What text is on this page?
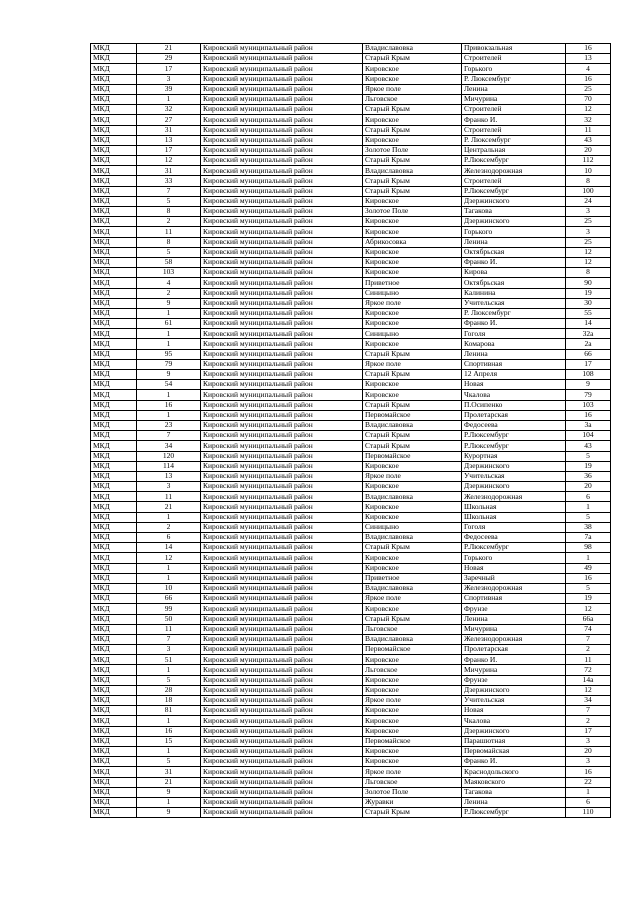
МКД	21	Кировский муниципальный район	Владиславовка	Привокзальная	16
МКД	29	Кировский муниципальный район	Старый Крым	Строителей	13
МКД	17	Кировский муниципальный район	Кировское	Горького	4
МКД	3	Кировский муниципальный район	Кировское	Р. Люксембург	16
МКД	39	Кировский муниципальный район	Яркое поле	Ленина	25
МКД	1	Кировский муниципальный район	Льговское	Мичурина	70
МКД	32	Кировский муниципальный район	Старый Крым	Строителей	12
МКД	27	Кировский муниципальный район	Кировское	Франко И.	32
МКД	31	Кировский муниципальный район	Старый Крым	Строителей	11
МКД	13	Кировский муниципальный район	Кировское	Р. Люксембург	43
МКД	17	Кировский муниципальный район	Золотое Поле	Центральная	20
МКД	12	Кировский муниципальный район	Старый Крым	Р.Люксембург	112
МКД	31	Кировский муниципальный район	Владиславовка	Железнодорожная	10
МКД	33	Кировский муниципальный район	Старый Крым	Строителей	8
МКД	7	Кировский муниципальный район	Старый Крым	Р.Люксембург	100
МКД	5	Кировский муниципальный район	Кировское	Дзержинского	24
МКД	8	Кировский муниципальный район	Золотое Поле	Тагакова	3
МКД	2	Кировский муниципальный район	Кировское	Дзержинского	25
МКД	11	Кировский муниципальный район	Кировское	Горького	3
МКД	8	Кировский муниципальный район	Абрикосовка	Ленина	25
МКД	5	Кировский муниципальный район	Кировское	Октябрьская	12
МКД	58	Кировский муниципальный район	Кировское	Франко И.	12
МКД	103	Кировский муниципальный район	Кировское	Кирова	8
МКД	4	Кировский муниципальный район	Приветное	Октябрьская	90
МКД	2	Кировский муниципальный район	Синицыно	Калинина	19
МКД	9	Кировский муниципальный район	Яркое поле	Учительская	30
МКД	1	Кировский муниципальный район	Кировское	Р. Люксембург	55
МКД	61	Кировский муниципальный район	Кировское	Франко И.	14
МКД	1	Кировский муниципальный район	Синицыно	Гоголя	32а
МКД	1	Кировский муниципальный район	Кировское	Комарова	2а
МКД	95	Кировский муниципальный район	Старый Крым	Ленина	66
МКД	79	Кировский муниципальный район	Яркое поле	Спортивная	17
МКД	9	Кировский муниципальный район	Старый Крым	12 Апреля	108
МКД	54	Кировский муниципальный район	Кировское	Новая	9
МКД	1	Кировский муниципальный район	Кировское	Чкалова	79
МКД	16	Кировский муниципальный район	Старый Крым	П.Осипенко	103
МКД	1	Кировский муниципальный район	Первомайское	Пролетарская	16
МКД	23	Кировский муниципальный район	Владиславовка	Федосеева	3а
МКД	7	Кировский муниципальный район	Старый Крым	Р.Люксембург	104
МКД	34	Кировский муниципальный район	Старый Крым	Р.Люксембург	43
МКД	120	Кировский муниципальный район	Первомайское	Курортная	5
МКД	114	Кировский муниципальный район	Кировское	Дзержинского	19
МКД	13	Кировский муниципальный район	Яркое поле	Учительская	36
МКД	3	Кировский муниципальный район	Кировское	Дзержинского	20
МКД	11	Кировский муниципальный район	Владиславовка	Железнодорожная	6
МКД	21	Кировский муниципальный район	Кировское	Школьная	1
МКД	1	Кировский муниципальный район	Кировское	Школьная	5
МКД	2	Кировский муниципальный район	Синицыно	Гоголя	38
МКД	6	Кировский муниципальный район	Владиславовка	Федосеева	7а
МКД	14	Кировский муниципальный район	Старый Крым	Р.Люксембург	98
МКД	12	Кировский муниципальный район	Кировское	Горького	1
МКД	1	Кировский муниципальный район	Кировское	Новая	49
МКД	1	Кировский муниципальный район	Приветное	Заречный	16
МКД	10	Кировский муниципальный район	Владиславовка	Железнодорожная	5
МКД	66	Кировский муниципальный район	Яркое поле	Спортивная	19
МКД	99	Кировский муниципальный район	Кировское	Фрунзе	12
МКД	50	Кировский муниципальный район	Старый Крым	Ленина	66а
МКД	11	Кировский муниципальный район	Льговское	Мичурина	74
МКД	7	Кировский муниципальный район	Владиславовка	Железнодорожная	7
МКД	3	Кировский муниципальный район	Первомайское	Пролетарская	2
МКД	51	Кировский муниципальный район	Кировское	Франко И.	11
МКД	1	Кировский муниципальный район	Льговское	Мичурина	72
МКД	5	Кировский муниципальный район	Кировское	Фрунзе	14а
МКД	28	Кировский муниципальный район	Кировское	Дзержинского	12
МКД	18	Кировский муниципальный район	Яркое поле	Учительская	34
МКД	81	Кировский муниципальный район	Кировское	Новая	7
МКД	1	Кировский муниципальный район	Кировское	Чкалова	2
МКД	16	Кировский муниципальный район	Кировское	Дзержинского	17
МКД	15	Кировский муниципальный район	Первомайское	Парашютная	3
МКД	1	Кировский муниципальный район	Кировское	Первомайская	20
МКД	5	Кировский муниципальный район	Кировское	Франко И.	3
МКД	31	Кировский муниципальный район	Яркое поле	Краснодольского	16
МКД	21	Кировский муниципальный район	Льговское	Маяковского	22
МКД	9	Кировский муниципальный район	Золотое Поле	Тагакова	1
МКД	1	Кировский муниципальный район	Журавки	Ленина	6
МКД	9	Кировский муниципальный район	Старый Крым	Р.Люксембург	110
